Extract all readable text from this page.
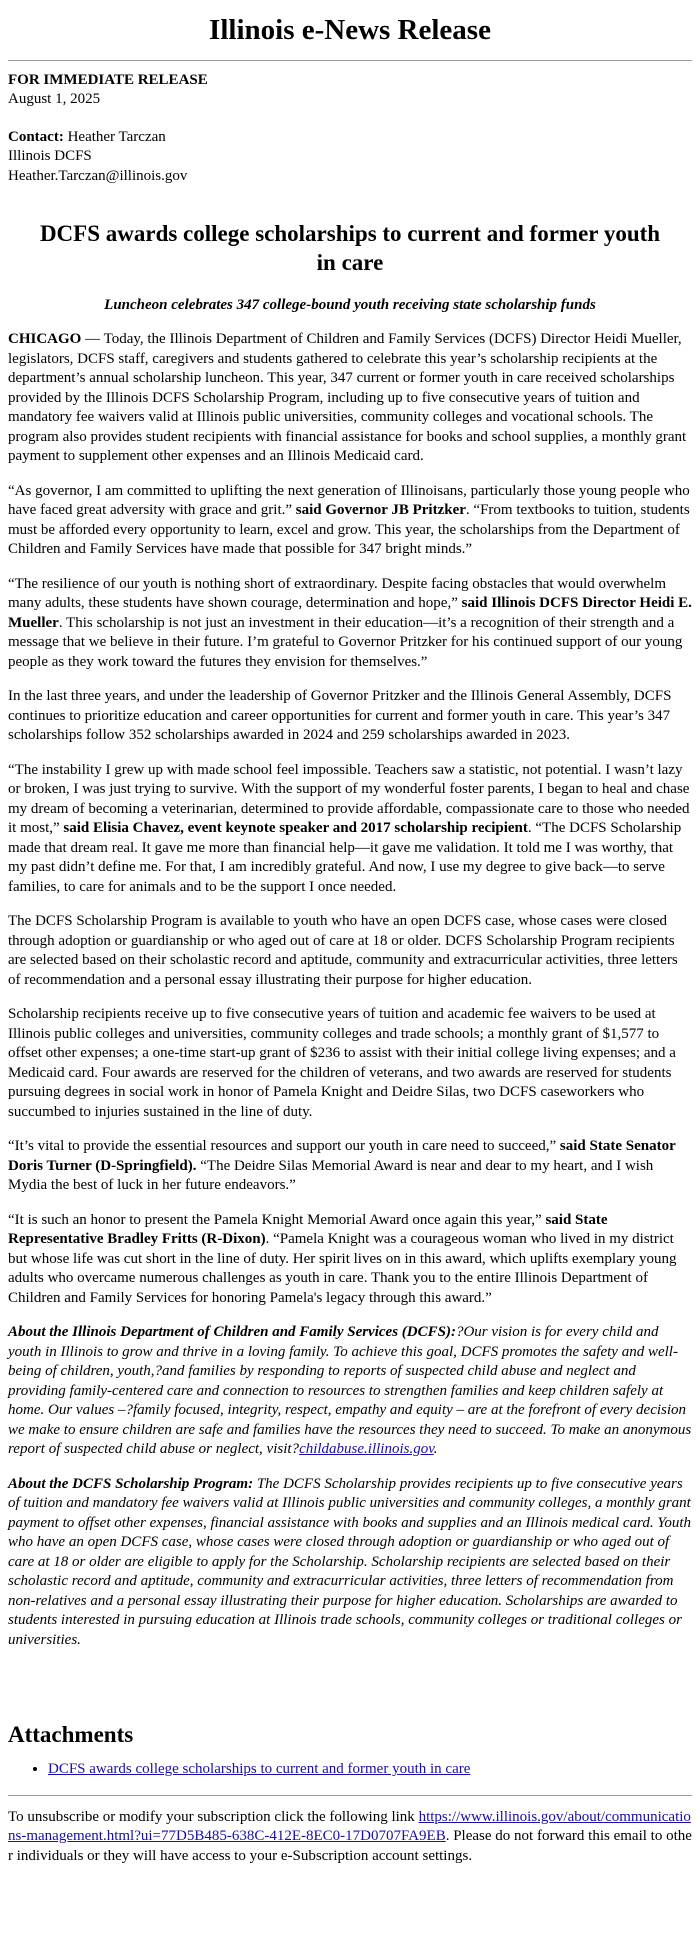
Illinois e-News Release

FOR IMMEDIATE RELEASE

August 1, 2025

Contact: Heather Tarczan

Illinois DCFS

Heather.Tarczan@illinois.gov

DCFS awards college scholarships to current and former youth in care

Luncheon celebrates 347 college-bound youth receiving state scholarship funds

CHICAGO — Today, the Illinois Department of Children and Family Services (DCFS) Director Heidi Mueller, legislators, DCFS staff, caregivers and students gathered to celebrate this year’s scholarship recipients at the department’s annual scholarship luncheon. This year, 347 current or former youth in care received scholarships provided by the Illinois DCFS Scholarship Program, including up to five consecutive years of tuition and mandatory fee waivers valid at Illinois public universities, community colleges and vocational schools. The program also provides student recipients with financial assistance for books and school supplies, a monthly grant payment to supplement other expenses and an Illinois Medicaid card.

“As governor, I am committed to uplifting the next generation of Illinoisans, particularly those young people who have faced great adversity with grace and grit.” said Governor JB Pritzker. “From textbooks to tuition, students must be afforded every opportunity to learn, excel and grow. This year, the scholarships from the Department of Children and Family Services have made that possible for 347 bright minds.”

“The resilience of our youth is nothing short of extraordinary. Despite facing obstacles that would overwhelm many adults, these students have shown courage, determination and hope,” said Illinois DCFS Director Heidi E. Mueller. This scholarship is not just an investment in their education—it’s a recognition of their strength and a message that we believe in their future. I’m grateful to Governor Pritzker for his continued support of our young people as they work toward the futures they envision for themselves.”

In the last three years, and under the leadership of Governor Pritzker and the Illinois General Assembly, DCFS continues to prioritize education and career opportunities for current and former youth in care. This year’s 347 scholarships follow 352 scholarships awarded in 2024 and 259 scholarships awarded in 2023.

“The instability I grew up with made school feel impossible. Teachers saw a statistic, not potential. I wasn’t lazy or broken, I was just trying to survive. With the support of my wonderful foster parents, I began to heal and chase my dream of becoming a veterinarian, determined to provide affordable, compassionate care to those who needed it most,” said Elisia Chavez, event keynote speaker and 2017 scholarship recipient. “The DCFS Scholarship made that dream real. It gave me more than financial help—it gave me validation. It told me I was worthy, that my past didn’t define me. For that, I am incredibly grateful. And now, I use my degree to give back—to serve families, to care for animals and to be the support I once needed.

The DCFS Scholarship Program is available to youth who have an open DCFS case, whose cases were closed through adoption or guardianship or who aged out of care at 18 or older. DCFS Scholarship Program recipients are selected based on their scholastic record and aptitude, community and extracurricular activities, three letters of recommendation and a personal essay illustrating their purpose for higher education.

Scholarship recipients receive up to five consecutive years of tuition and academic fee waivers to be used at Illinois public colleges and universities, community colleges and trade schools; a monthly grant of $1,577 to offset other expenses; a one-time start-up grant of $236 to assist with their initial college living expenses; and a Medicaid card. Four awards are reserved for the children of veterans, and two awards are reserved for students pursuing degrees in social work in honor of Pamela Knight and Deidre Silas, two DCFS caseworkers who succumbed to injuries sustained in the line of duty.

“It’s vital to provide the essential resources and support our youth in care need to succeed,” said State Senator Doris Turner (D-Springfield). “The Deidre Silas Memorial Award is near and dear to my heart, and I wish Mydia the best of luck in her future endeavors.”

“It is such an honor to present the Pamela Knight Memorial Award once again this year,” said State Representative Bradley Fritts (R-Dixon). “Pamela Knight was a courageous woman who lived in my district but whose life was cut short in the line of duty. Her spirit lives on in this award, which uplifts exemplary young adults who overcame numerous challenges as youth in care. Thank you to the entire Illinois Department of Children and Family Services for honoring Pamela's legacy through this award.”

About the Illinois Department of Children and Family Services (DCFS):?Our vision is for every child and youth in Illinois to grow and thrive in a loving family. To achieve this goal, DCFS promotes the safety and well-being of children, youth,?and families by responding to reports of suspected child abuse and neglect and providing family-centered care and connection to resources to strengthen families and keep children safely at home. Our values –?family focused, integrity, respect, empathy and equity – are at the forefront of every decision we make to ensure children are safe and families have the resources they need to succeed. To make an anonymous report of suspected child abuse or neglect, visit?childabuse.illinois.gov.

About the DCFS Scholarship Program: The DCFS Scholarship provides recipients up to five consecutive years of tuition and mandatory fee waivers valid at Illinois public universities and community colleges, a monthly grant payment to offset other expenses, financial assistance with books and supplies and an Illinois medical card. Youth who have an open DCFS case, whose cases were closed through adoption or guardianship or who aged out of care at 18 or older are eligible to apply for the Scholarship. Scholarship recipients are selected based on their scholastic record and aptitude, community and extracurricular activities, three letters of recommendation from non-relatives and a personal essay illustrating their purpose for higher education. Scholarships are awarded to students interested in pursuing education at Illinois trade schools, community colleges or traditional colleges or universities.

Attachments
• DCFS awards college scholarships to current and former youth in care

To unsubscribe or modify your subscription click the following link https://www.illinois.gov/about/communications-management.html?ui=77D5B485-638C-412E-8EC0-17D0707FA9EB. Please do not forward this email to other individuals or they will have access to your e-Subscription account settings.
